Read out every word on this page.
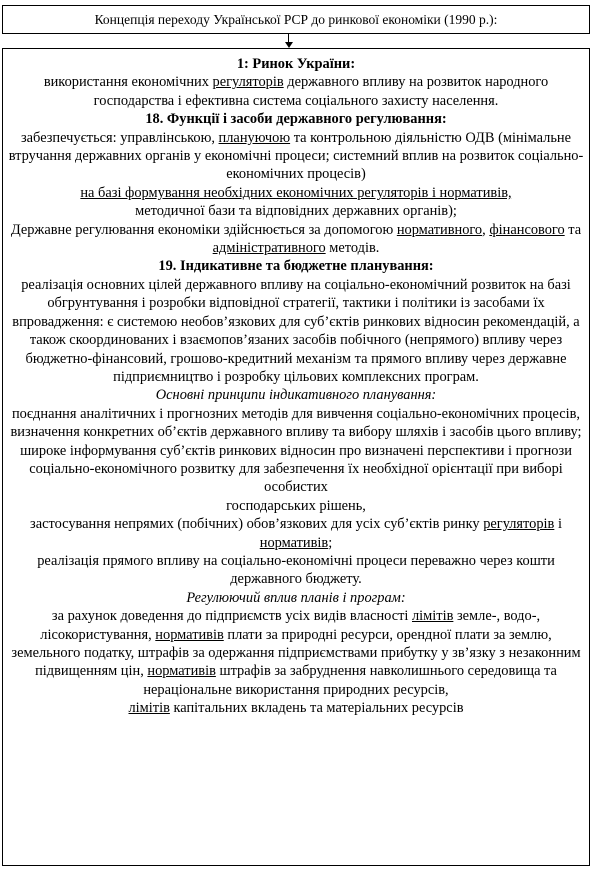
Концепція переходу Української РСР до ринкової економіки (1990 р.):

1: Ринок України:

використання економічних регуляторів державного впливу на розвиток народного господарства і ефективна система соціального захисту населення.

18. Функції і засоби державного регулювання:

забезпечується: управлінською, плануючою та контрольною діяльністю ОДВ (мінімальне втручання державних органів у економічні процеси; системний вплив на розвиток соціально-економічних процесів)
на базі формування необхідних економічних регуляторів і нормативів,
методичної бази та відповідних державних органів);

Державне регулювання економіки здійснюється за допомогою нормативного, фінансового та адміністративного методів.

19. Індикативне та бюджетне планування:

реалізація основних цілей державного впливу на соціально-економічний розвиток на базі обгрунтування і розробки відповідної стратегії, тактики і політики із засобами їх впровадження: є системою необов’язкових для суб’єктів ринкових відносин рекомендацій, а також скоординованих і взаємопов’язаних засобів побічного (непрямого) впливу через бюджетно-фінансовий, грошово-кредитний механізм та прямого впливу через державне підприємництво і розробку цільових комплексних програм.

Основні принципи індикативного планування:

поєднання аналітичних і прогнозних методів для вивчення соціально-економічних процесів, визначення конкретних об’єктів державного впливу та вибору шляхів і засобів цього впливу;

широке інформування суб’єктів ринкових відносин про визначені перспективи і прогнози соціально-економічного розвитку для забезпечення їх необхідної орієнтації при виборі особистих
господарських рішень,

застосування непрямих (побічних) обов’язкових для усіх суб’єктів ринку регуляторів і нормативів;

реалізація прямого впливу на соціально-економічні процеси переважно через кошти державного бюджету.

Регулюючий вплив планів і програм:

за рахунок доведення до підприємств усіх видів власності лімітів земле-, водо-, лісокористування, нормативів плати за природні ресурси, орендної плати за землю, земельного податку, штрафів за одержання підприємствами прибутку у зв’язку з незаконним підвищенням цін, нормативів штрафів за забруднення навколишнього середовища та нераціональне використання природних ресурсів,

лімітів капітальних вкладень та матеріальних ресурсів
